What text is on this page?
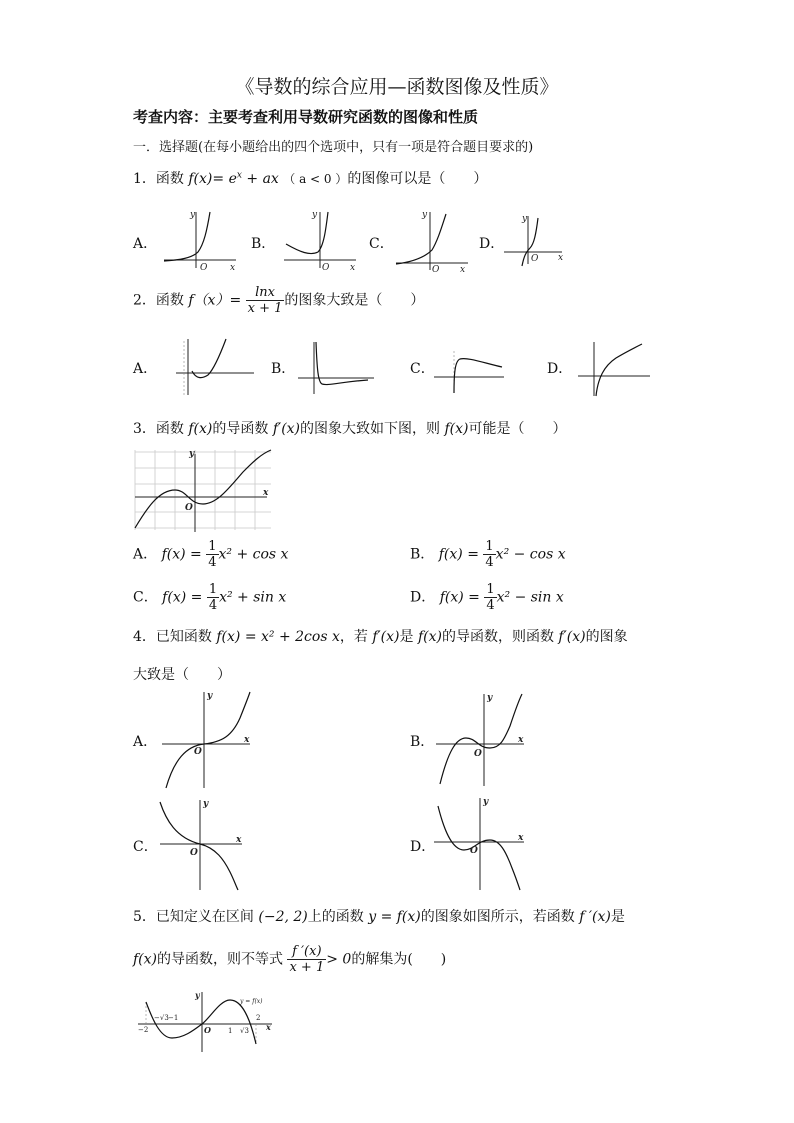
《导数的综合应用—函数图像及性质》
考查内容：主要考查利用导数研究函数的图像和性质
一．选择题(在每小题给出的四个选项中，只有一项是符合题目要求的)
1．函数 $f(x)= e^x$ + ax （ a < 0 ）的图像可以是（　　）
A．
O	x
y
B．
O x
y
C．
O x
y
D．
O x
y
2．函数 $f(x)= \frac{\ln x}{x + 1}$ 的图象大致是（　　）
A．	B．	C．	D．
3．函数 f(x)的导函数 f′(x)的图象大致如下图，则 f(x)可能是（　　）
O
x
y
A． $f(x) = \frac{1}{4} x^2 + \cos x$	B． $f(x) = \frac{1}{4} x^2 - \cos x$
C． $f(x) = \frac{1}{4} x^2 + \sin x$	D． $f(x) = \frac{1}{4} x^2 - \sin x$
4．已知函数 f(x) = x² + 2cos x，若 f′(x)是 f(x)的导函数，则函数 f′(x)的图象
大致是（　　）
A．
O
x
y
B．
O
x
y
C．	O
x
y
D．	O
x
y
5．已知定义在区间 (−2, 2)上的函数 y = f(x)的图象如图所示，若函数 f ′(x)是
f(x)的导函数，则不等式 $\frac{f '(x)}{x + 1} > 0$的解集为(　　)
−2
−√3 −1
O 1 √3
2
x
y
y = f(x)
